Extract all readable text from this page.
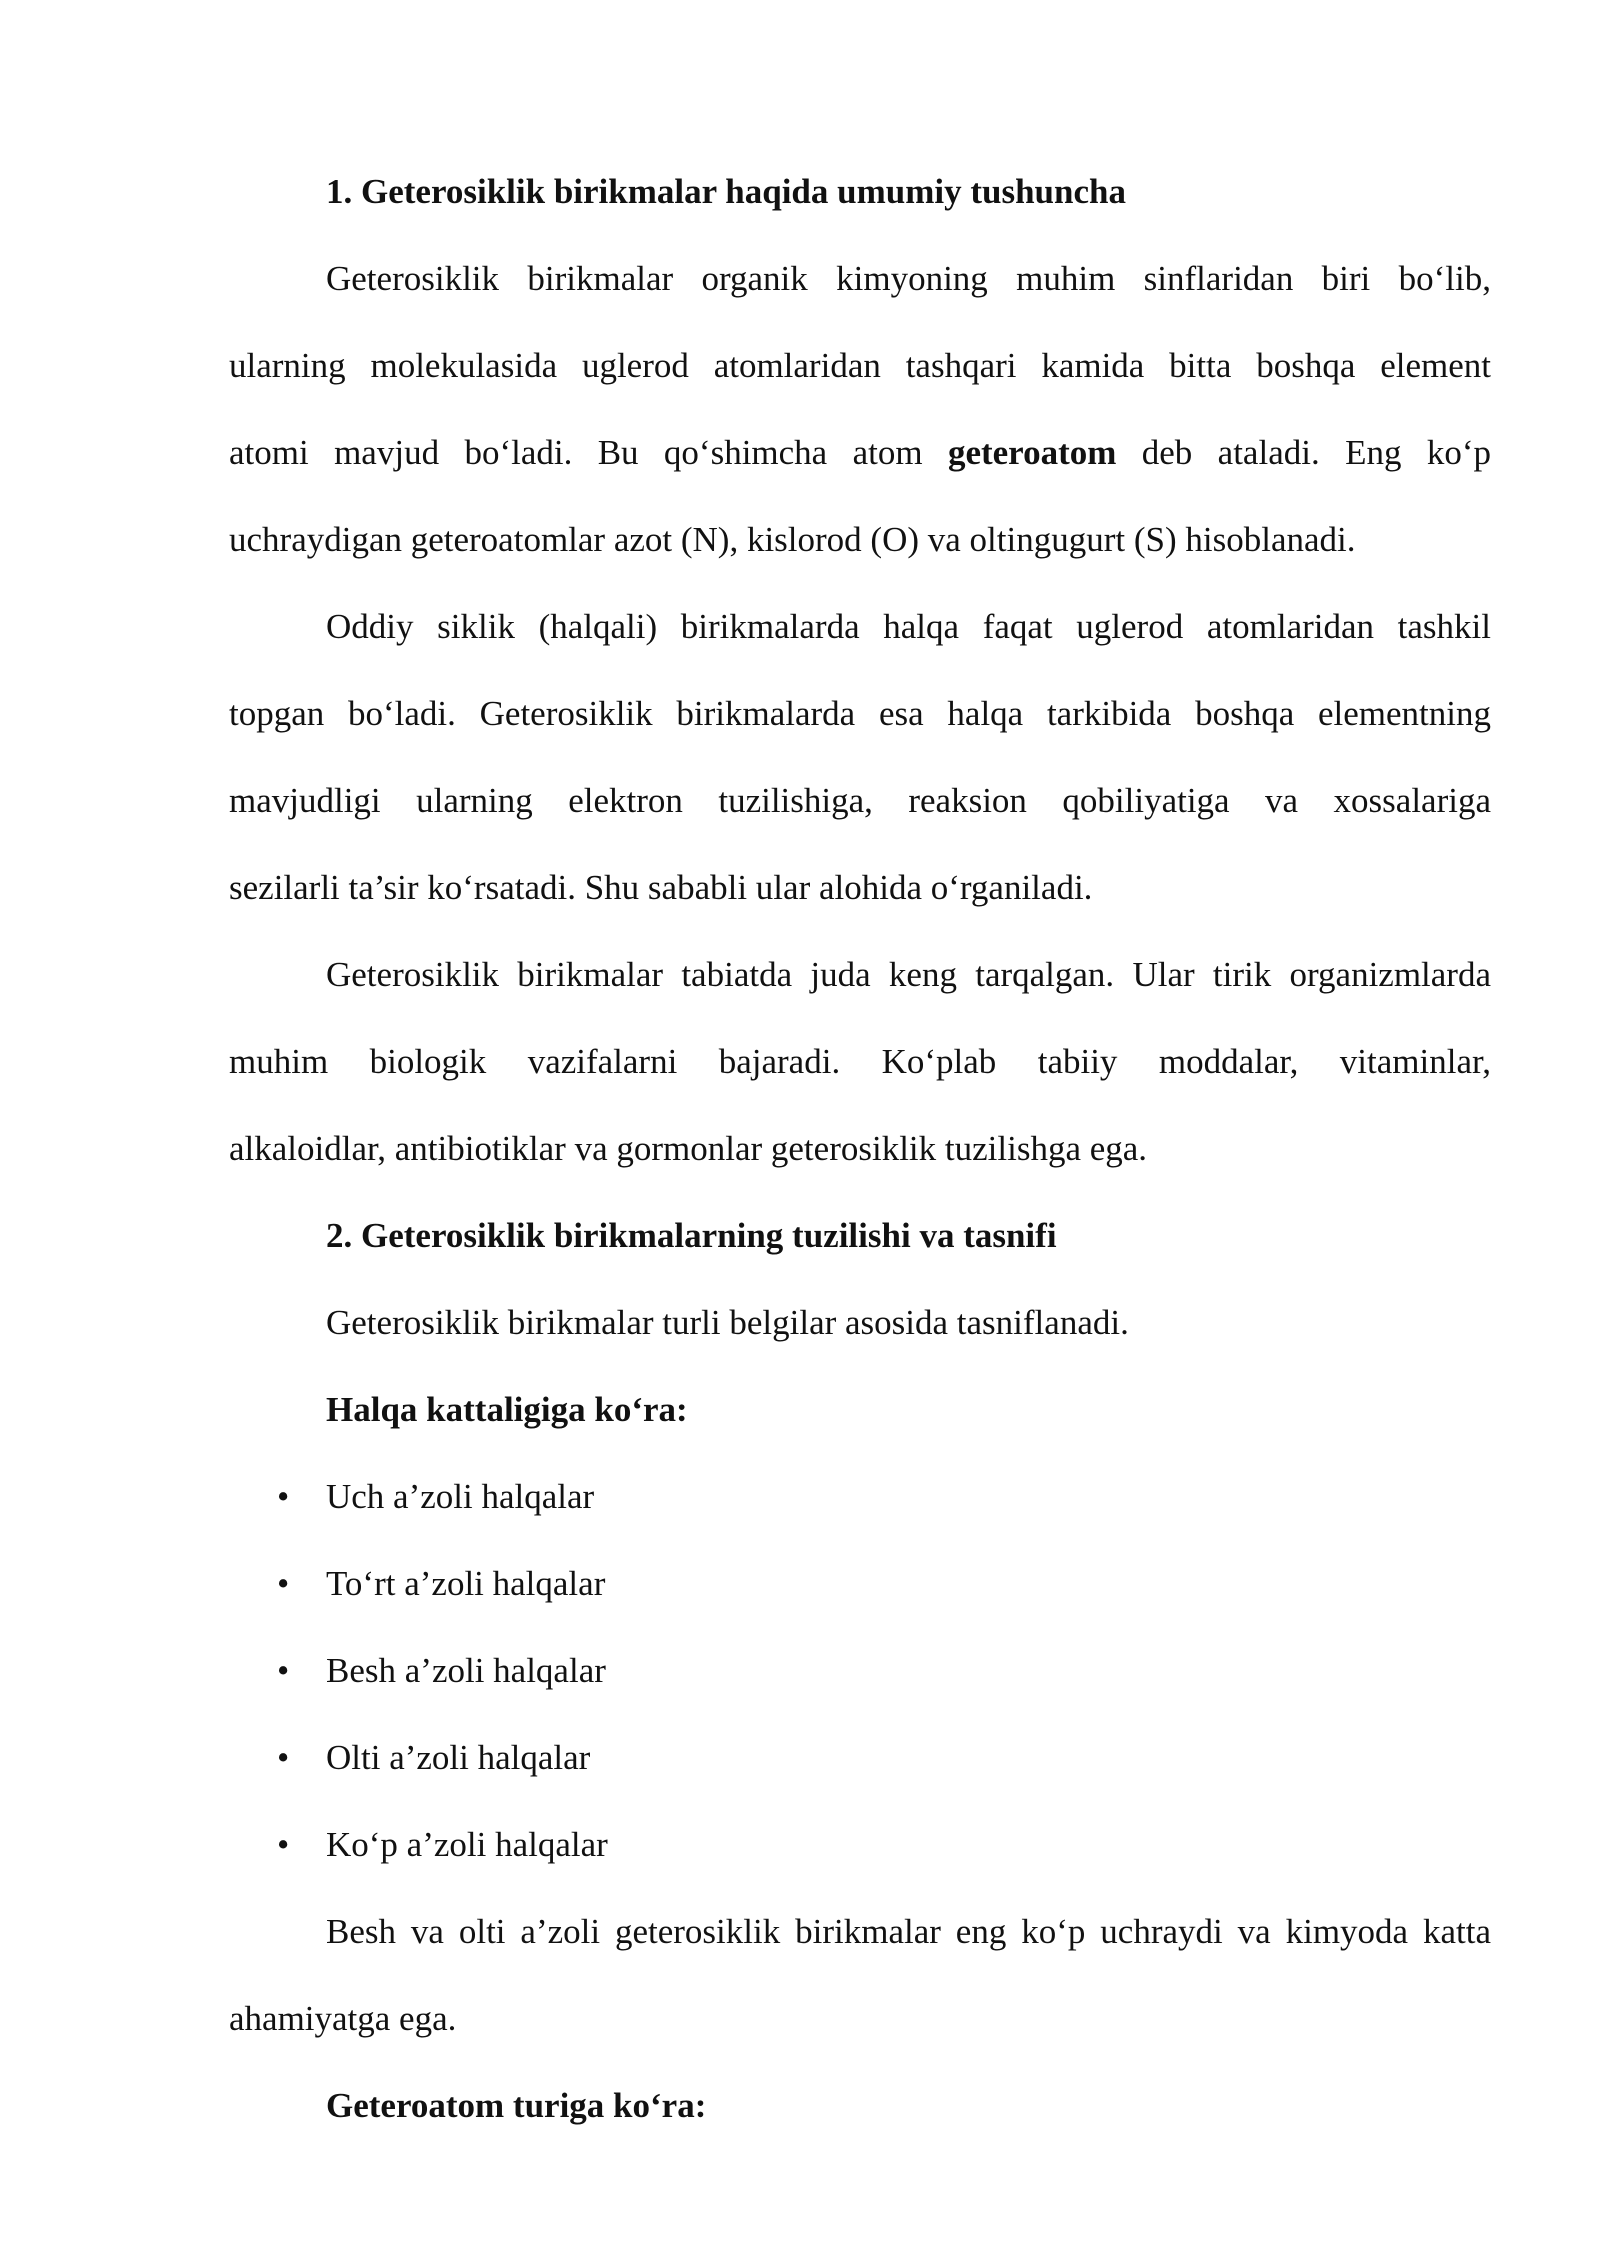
1. Geterosiklik birikmalar haqida umumiy tushuncha
Geterosiklik birikmalar organik kimyoning muhim sinflaridan biri bo‘lib,
ularning molekulasida uglerod atomlaridan tashqari kamida bitta boshqa element
atomi mavjud bo‘ladi. Bu qo‘shimcha atom geteroatom deb ataladi. Eng ko‘p
uchraydigan geteroatomlar azot (N), kislorod (O) va oltingugurt (S) hisoblanadi.
Oddiy siklik (halqali) birikmalarda halqa faqat uglerod atomlaridan tashkil
topgan bo‘ladi. Geterosiklik birikmalarda esa halqa tarkibida boshqa elementning
mavjudligi ularning elektron tuzilishiga, reaksion qobiliyatiga va xossalariga
sezilarli ta’sir ko‘rsatadi. Shu sababli ular alohida o‘rganiladi.
Geterosiklik birikmalar tabiatda juda keng tarqalgan. Ular tirik organizmlarda
muhim biologik vazifalarni bajaradi. Ko‘plab tabiiy moddalar, vitaminlar,
alkaloidlar, antibiotiklar va gormonlar geterosiklik tuzilishga ega.
2. Geterosiklik birikmalarning tuzilishi va tasnifi
Geterosiklik birikmalar turli belgilar asosida tasniflanadi.
Halqa kattaligiga ko‘ra:
• Uch a’zoli halqalar
• To‘rt a’zoli halqalar
• Besh a’zoli halqalar
• Olti a’zoli halqalar
• Ko‘p a’zoli halqalar
Besh va olti a’zoli geterosiklik birikmalar eng ko‘p uchraydi va kimyoda katta
ahamiyatga ega.
Geteroatom turiga ko‘ra:
